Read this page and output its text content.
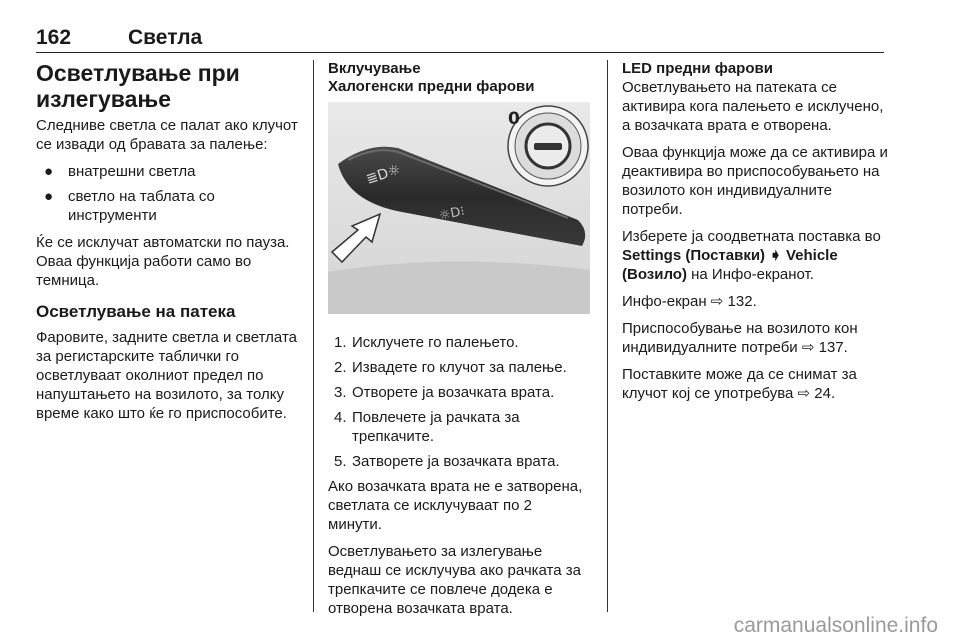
162	Светла
Осветлување при излегување

Следниве светла се палат ако клучот се извади од бравата за палење:

● внатрешни светла
● светло на таблата со инструменти

Ќе се исклучат автоматски по пауза. Оваа функција работи само во темница.

Осветлување на патека

Фаровите, задните светла и светлата за регистарските таблички го осветлуваат околниот предел по напуштањето на возилото, за толку време како што ќе го приспособите.

Вклучување
Халогенски предни фарови
≣D☼
☼D⁝
0
1. Исклучете го палењето.
2. Извадете го клучот за палење.
3. Отворете ја возачката врата.
4. Повлечете ја рачката за трепкачите.
5. Затворете ја возачката врата.

Ако возачката врата не е затворена, светлата се исклучуваат по 2 минути.

Осветлувањето за излегување веднаш се исклучува ако рачката за трепкачите се повлече додека е отворена возачката врата.

LED предни фарови

Осветлувањето на патеката се активира кога палењето е исклучено, а возачката врата е отворена.

Оваа функција може да се активира и деактивира во приспособувањето на возилото кон индивидуалните потреби.

Изберете ја соодветната поставка во Settings (Поставки) ➧ Vehicle (Возило) на Инфо-екранот.

Инфо-екран ⇨ 132.

Приспособување на возилото кон индивидуалните потреби ⇨ 137.

Поставките може да се снимат за клучот кој се употребува ⇨ 24.

carmanualsonline.info
